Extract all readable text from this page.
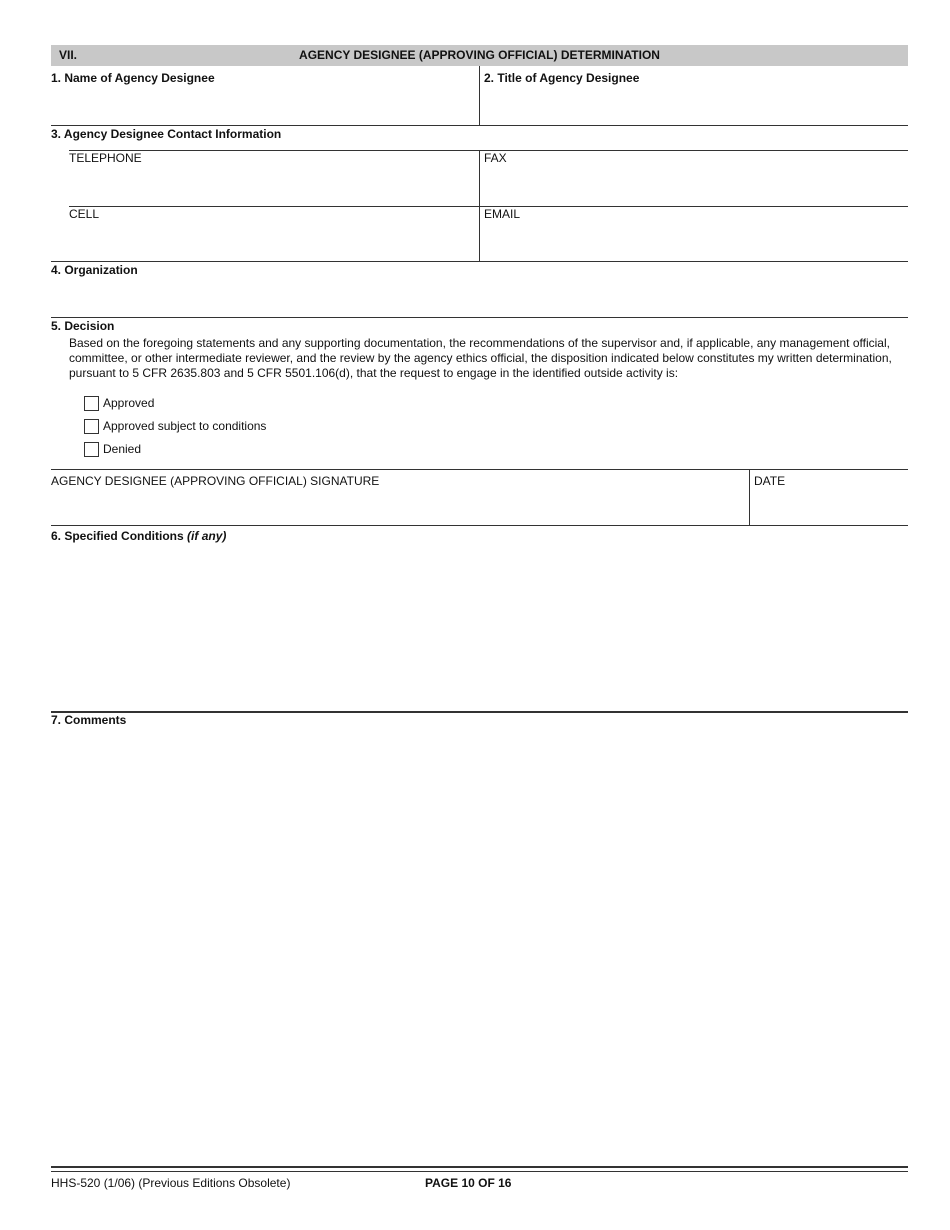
VII.	AGENCY DESIGNEE (APPROVING OFFICIAL) DETERMINATION
1. Name of Agency Designee	2. Title of Agency Designee
3. Agency Designee Contact Information
TELEPHONE	FAX
CELL	EMAIL
4. Organization
5. Decision

Based on the foregoing statements and any supporting documentation, the recommendations of the supervisor and, if applicable, any management official, committee, or other intermediate reviewer, and the review by the agency ethics official, the disposition indicated below constitutes my written determination, pursuant to 5 CFR 2635.803 and 5 CFR 5501.106(d), that the request to engage in the identified outside activity is:

Approved
Approved subject to conditions
Denied
AGENCY DESIGNEE (APPROVING OFFICIAL) SIGNATURE	DATE
6. Specified Conditions (if any)
7. Comments
HHS-520 (1/06) (Previous Editions Obsolete)	PAGE 10 OF 16
